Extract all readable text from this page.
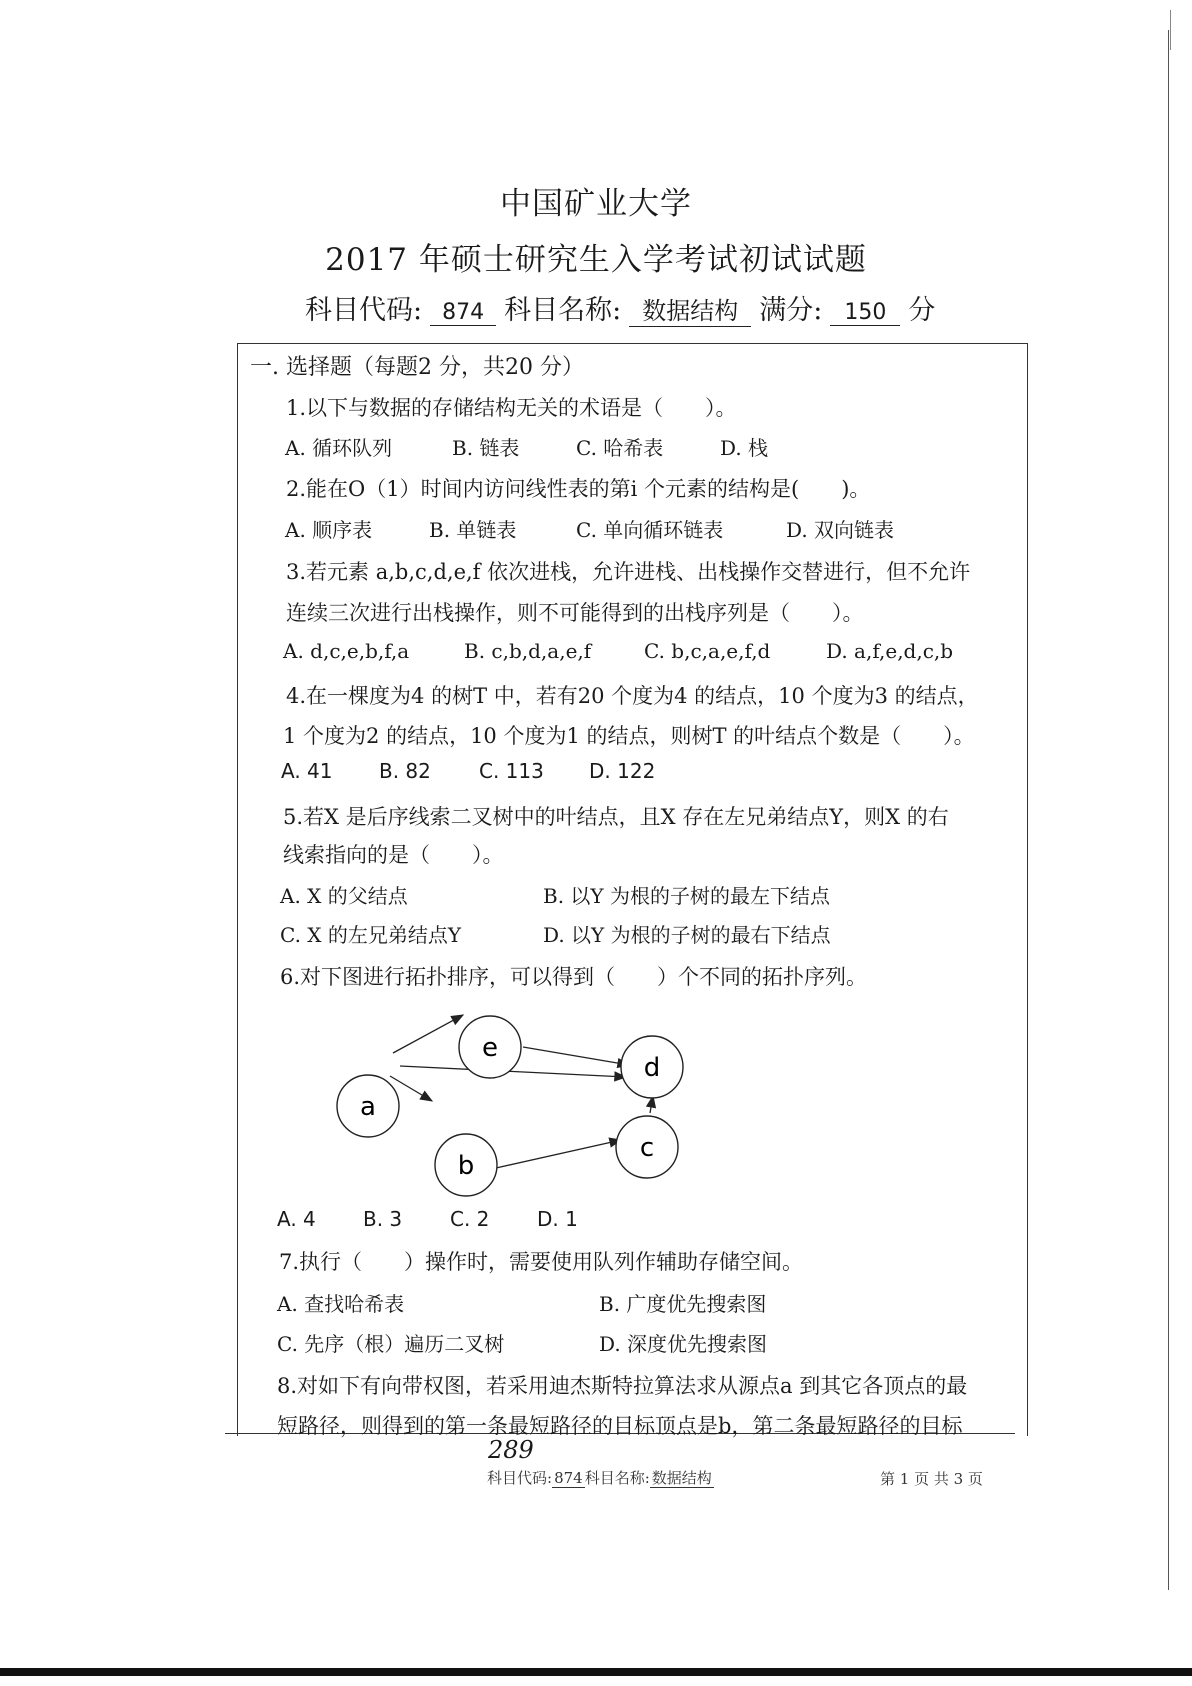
中国矿业大学
2017 年硕士研究生入学考试初试试题
科目代码: 874 科目名称: 数据结构 满分: 150 分
一. 选择题（每题2 分，共20 分）
1.以下与数据的存储结构无关的术语是（　　）。
A. 循环队列	B. 链表	C. 哈希表	D. 栈
2.能在O（1）时间内访问线性表的第i 个元素的结构是(　　)。
A. 顺序表	B. 单链表	C. 单向循环链表	D. 双向链表
3.若元素 a,b,c,d,e,f 依次进栈，允许进栈、出栈操作交替进行，但不允许
连续三次进行出栈操作，则不可能得到的出栈序列是（　　）。
A. d,c,e,b,f,a	B. c,b,d,a,e,f	C. b,c,a,e,f,d	D. a,f,e,d,c,b
4.在一棵度为4 的树T 中，若有20 个度为4 的结点，10 个度为3 的结点，
1 个度为2 的结点，10 个度为1 的结点，则树T 的叶结点个数是（　　）。
A. 41 B. 82 C. 113 D. 122
5.若X 是后序线索二叉树中的叶结点，且X 存在左兄弟结点Y，则X 的右
线索指向的是（　　）。
A. X 的父结点	B. 以Y 为根的子树的最左下结点
C. X 的左兄弟结点Y	D. 以Y 为根的子树的最右下结点
6.对下图进行拓扑排序，可以得到（　　）个不同的拓扑序列。
a
e
b
d
c
A. 4 B. 3 C. 2 D. 1
7.执行（　　）操作时，需要使用队列作辅助存储空间。
A. 查找哈希表	B. 广度优先搜索图
C. 先序（根）遍历二叉树	D. 深度优先搜索图
8.对如下有向带权图，若采用迪杰斯特拉算法求从源点a 到其它各顶点的最
短路径，则得到的第一条最短路径的目标顶点是b，第二条最短路径的目标
289
科目代码: 874 科目名称: 数据结构	第 1 页 共 3 页
